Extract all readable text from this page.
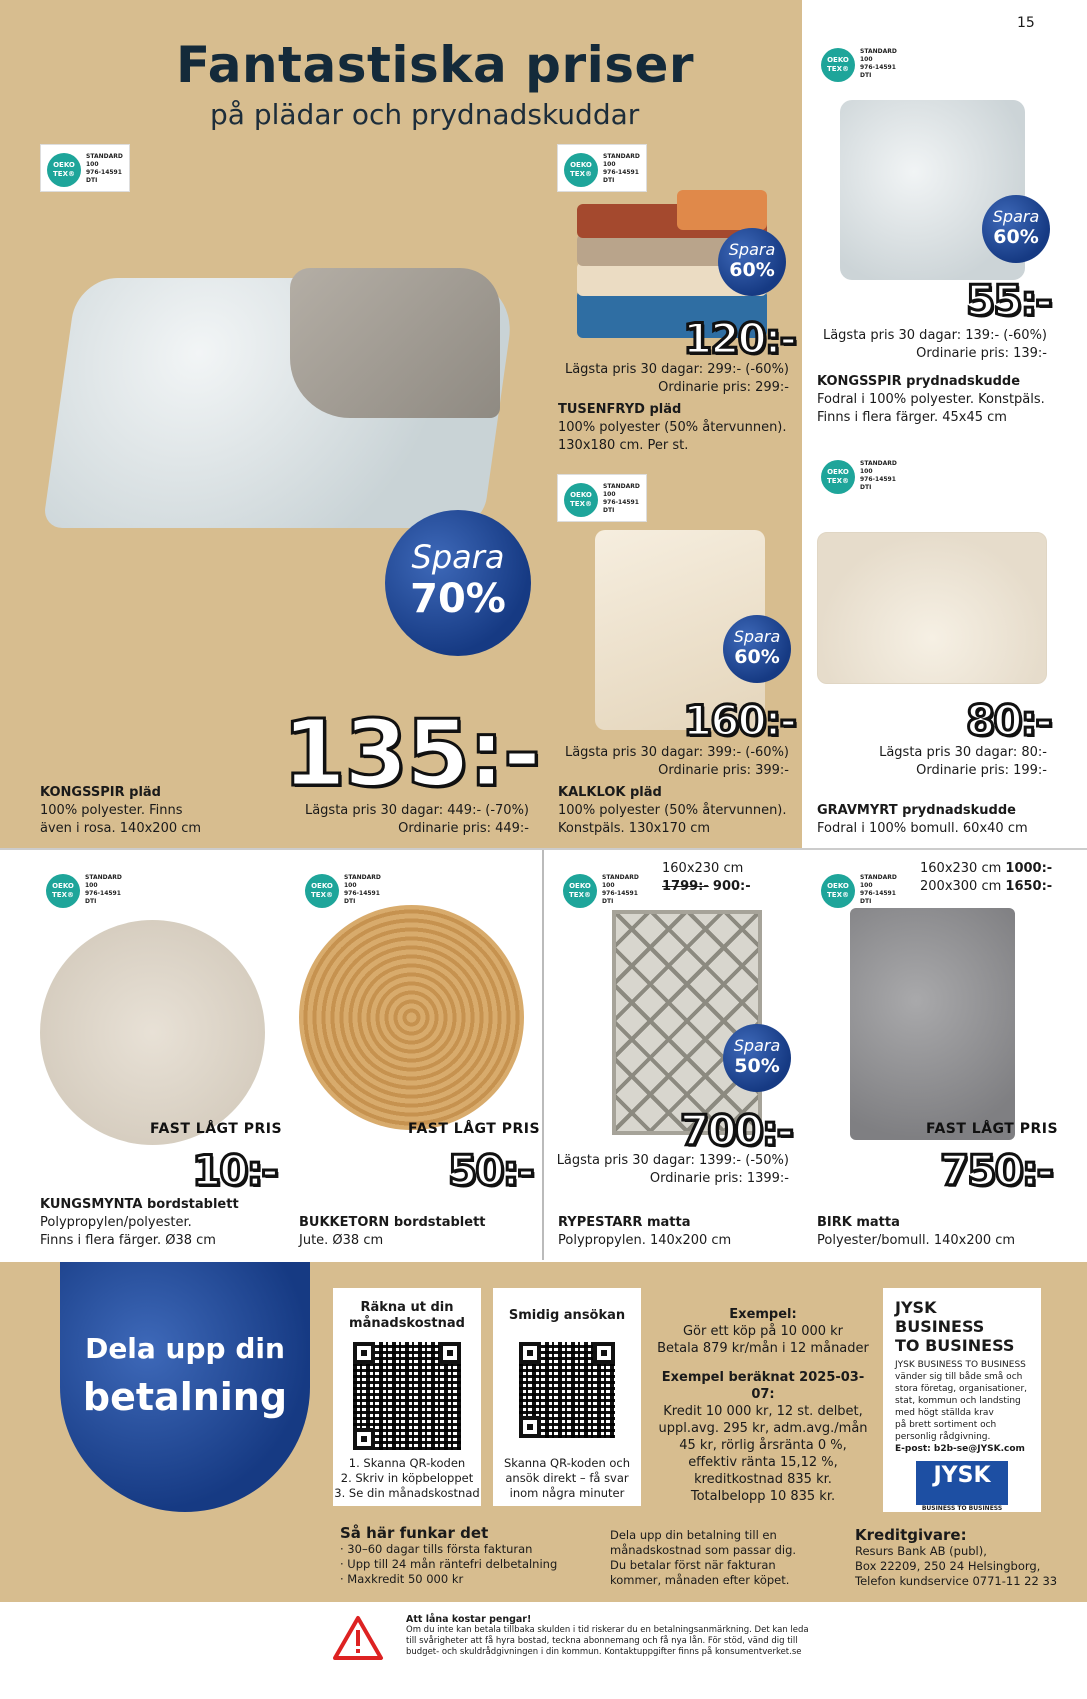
15
Fantastiska priser
på plädar och prydnadskuddar
OEKO
TEX®
STANDARD
100
976-14591
DTI
OEKO
TEX®
STANDARD
100
976-14591
DTI
OEKO
TEX®
STANDARD
100
976-14591
DTI
OEKO
TEX®
STANDARD
100
976-14591
DTI
OEKO
TEX®
STANDARD
100
976-14591
DTI
Spara
70%
135:-
KONGSSPIR pläd
100% polyester. Finns
även i rosa. 140x200 cm
Lägsta pris 30 dagar: 449:- (-70%)
Ordinarie pris: 449:-
Spara
60%
120:-
Lägsta pris 30 dagar: 299:- (-60%)
Ordinarie pris: 299:-
TUSENFRYD pläd
100% polyester (50% återvunnen).
130x180 cm. Per st.
Spara
60%
55:-
Lägsta pris 30 dagar: 139:- (-60%)
Ordinarie pris: 139:-
KONGSSPIR prydnadskudde
Fodral i 100% polyester. Konstpäls.
Finns i flera färger. 45x45 cm
Spara
60%
160:-
Lägsta pris 30 dagar: 399:- (-60%)
Ordinarie pris: 399:-
KALKLOK pläd
100% polyester (50% återvunnen).
Konstpäls. 130x170 cm
80:-
Lägsta pris 30 dagar: 80:-
Ordinarie pris: 199:-
GRAVMYRT prydnadskudde
Fodral i 100% bomull. 60x40 cm
OEKO
TEX®
STANDARD
100
976-14591
DTI
OEKO
TEX®
STANDARD
100
976-14591
DTI
OEKO
TEX®
STANDARD
100
976-14591
DTI
OEKO
TEX®
STANDARD
100
976-14591
DTI
FAST LÅGT PRIS
10:-
KUNGSMYNTA bordstablett
Polypropylen/polyester.
Finns i flera färger. Ø38 cm
FAST LÅGT PRIS
50:-
BUKKETORN bordstablett
Jute. Ø38 cm
160x230 cm
1799:- 900:-
Spara
50%
700:-
Lägsta pris 30 dagar: 1399:- (-50%)
Ordinarie pris: 1399:-
RYPESTARR matta
Polypropylen. 140x200 cm
160x230 cm 1000:-
200x300 cm 1650:-
FAST LÅGT PRIS
750:-
BIRK matta
Polyester/bomull. 140x200 cm
Dela upp din
betalning
Räkna ut din månadskostnad
1. Skanna QR-koden
2. Skriv in köpbeloppet
3. Se din månadskostnad
Smidig ansökan
Skanna QR-koden och
ansök direkt – få svar
inom några minuter
Exempel:
Gör ett köp på 10 000 kr
Betala 879 kr/mån i 12 månader
Exempel beräknat 2025-03-07:
Kredit 10 000 kr, 12 st. delbet,
uppl.avg. 295 kr, adm.avg./mån
45 kr, rörlig årsränta 0 %,
effektiv ränta 15,12 %,
kreditkostnad 835 kr.
Totalbelopp 10 835 kr.
JYSK BUSINESS
TO BUSINESS
JYSK BUSINESS TO BUSINESS
vänder sig till både små och
stora företag, organisationer,
stat, kommun och landsting
med högt ställda krav
på brett sortiment och
personlig rådgivning.
E-post: b2b-se@JYSK.com
JYSK
BUSINESS TO BUSINESS
Så här funkar det
· 30–60 dagar tills första fakturan
· Upp till 24 mån räntefri delbetalning
· Maxkredit 50 000 kr
Dela upp din betalning till en
månadskostnad som passar dig.
Du betalar först när fakturan
kommer, månaden efter köpet.
Kreditgivare:
Resurs Bank AB (publ),
Box 22209, 250 24 Helsingborg,
Telefon kundservice 0771-11 22 33
Att låna kostar pengar!
Om du inte kan betala tillbaka skulden i tid riskerar du en betalningsanmärkning. Det kan leda
till svårigheter att få hyra bostad, teckna abonnemang och få nya lån. För stöd, vänd dig till
budget- och skuldrådgivningen i din kommun. Kontaktuppgifter finns på konsumentverket.se
